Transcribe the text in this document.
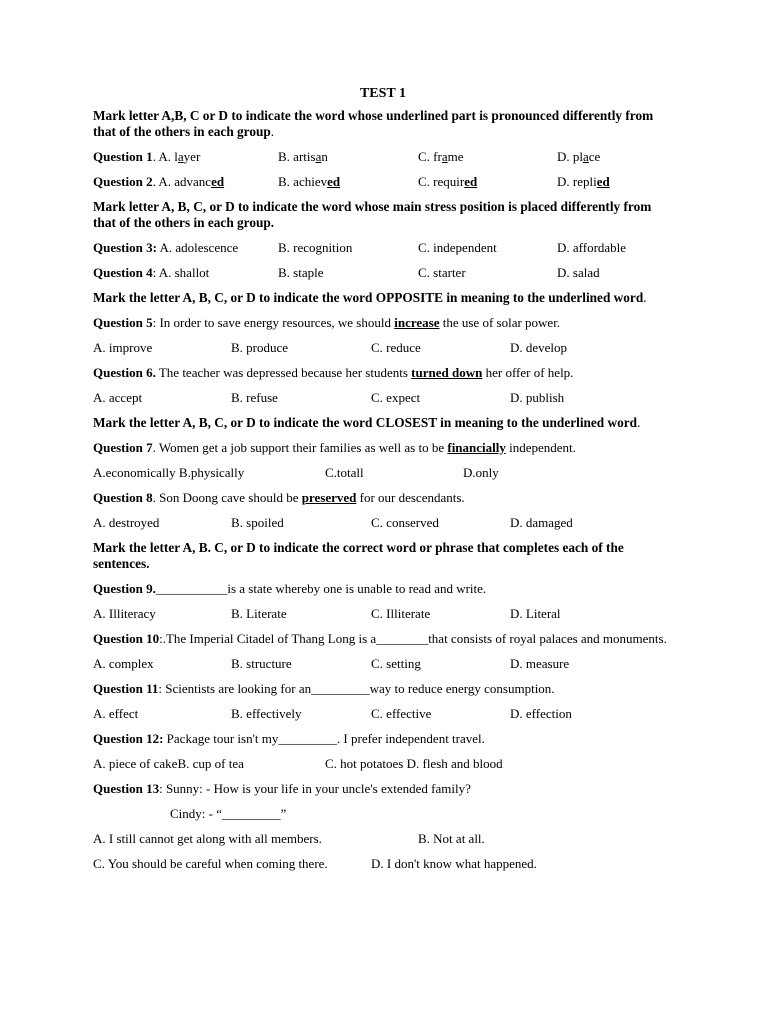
TEST 1
Mark letter A,B, C or D to indicate the word whose underlined part is pronounced differently from that of the others in each group.
Question 1. A. layer	B. artisan	C. frame	D. place
Question 2. A. advanced	B. achieved	C. required	D. replied
Mark letter A, B, C, or D to indicate the word whose main stress position is placed differently from that of the others in each group.
Question 3: A. adolescence	B. recognition	C. independent	D. affordable
Question 4: A. shallot	B. staple	C. starter	D. salad
Mark the letter A, B, C, or D to indicate the word OPPOSITE in meaning to the underlined word.
Question 5: In order to save energy resources, we should increase the use of solar power.
A. improve	B. produce	C. reduce	D. develop
Question 6. The teacher was depressed because her students turned down her offer of help.
A. accept	B. refuse	C. expect	D. publish
Mark the letter A, B, C, or D to indicate the word CLOSEST in meaning to the underlined word.
Question 7. Women get a job support their families as well as to be financially independent.
A.economically B.physically	C.totall	D.only
Question 8. Son Doong cave should be preserved for our descendants.
A. destroyed	B. spoiled	C. conserved	D. damaged
Mark the letter A, B. C, or D to indicate the correct word or phrase that completes each of the sentences.
Question 9.___________is a state whereby one is unable to read and write.
A. Illiteracy	B. Literate	C. Illiterate	D. Literal
Question 10:.The Imperial Citadel of Thang Long is a________that consists of royal palaces and monuments.
A. complex	B. structure	C. setting	D. measure
Question 11: Scientists are looking for an_________way to reduce energy consumption.
A. effect	B. effectively	C. effective	D. effection
Question 12: Package tour isn't my_________. I prefer independent travel.
A. piece of cakeB. cup of tea	C. hot potatoes D. flesh and blood
Question 13: Sunny: - How is your life in your uncle's extended family?
Cindy: - “_________”
A. I still cannot get along with all members.	B. Not at all.
C. You should be careful when coming there.	D. I don't know what happened.
